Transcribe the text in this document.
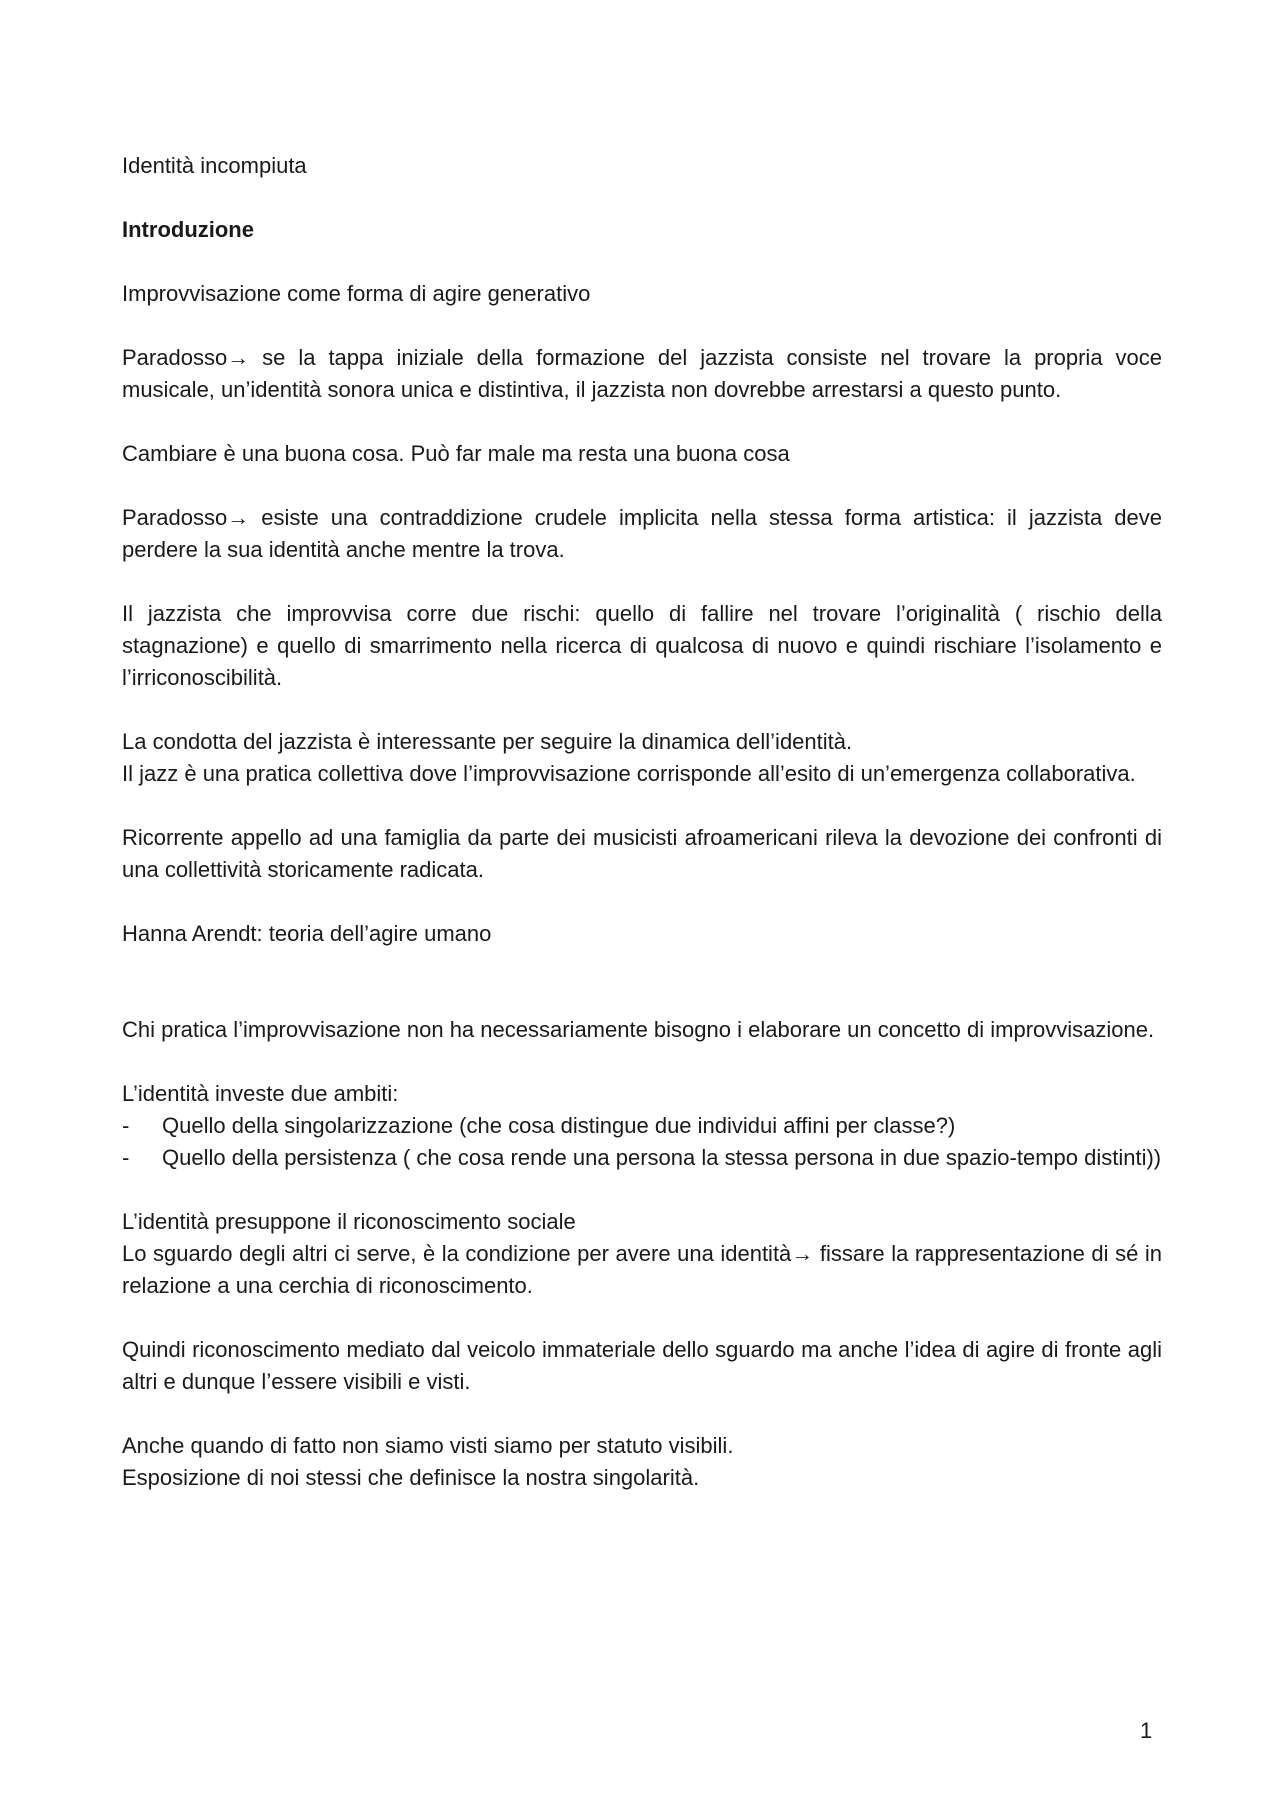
Identità incompiuta

Introduzione

Improvvisazione come forma di agire generativo

Paradosso→ se la tappa iniziale della formazione del jazzista consiste nel trovare la propria voce musicale, un’identità sonora unica e distintiva, il jazzista non dovrebbe arrestarsi a questo punto.

Cambiare è una buona cosa. Può far male ma resta una buona cosa

Paradosso→ esiste una contraddizione crudele implicita nella stessa forma artistica: il jazzista deve perdere la sua identità anche mentre la trova.

Il jazzista che improvvisa corre due rischi: quello di fallire nel trovare l’originalità ( rischio della stagnazione) e quello di smarrimento nella ricerca di qualcosa di nuovo e quindi rischiare l’isolamento e l’irriconoscibilità.

La condotta del jazzista è interessante per seguire la dinamica dell’identità.

Il jazz è una pratica collettiva dove l’improvvisazione corrisponde all’esito di un’emergenza collaborativa.

Ricorrente appello ad una famiglia da parte dei musicisti afroamericani rileva la devozione dei confronti di una collettività storicamente radicata.

Hanna Arendt: teoria dell’agire umano

Chi pratica l’improvvisazione non ha necessariamente bisogno i elaborare un concetto di improvvisazione.

L’identità investe due ambiti:

- Quello della singolarizzazione (che cosa distingue due individui affini per classe?)
- Quello della persistenza ( che cosa rende una persona la stessa persona in due spazio-tempo distinti))

L’identità presuppone il riconoscimento sociale

Lo sguardo degli altri ci serve, è la condizione per avere una identità→ fissare la rappresentazione di sé in relazione a una cerchia di riconoscimento.

Quindi riconoscimento mediato dal veicolo immateriale dello sguardo ma anche l’idea di agire di fronte agli altri e dunque l’essere visibili e visti.

Anche quando di fatto non siamo visti siamo per statuto visibili.

Esposizione di noi stessi che definisce la nostra singolarità.

1
